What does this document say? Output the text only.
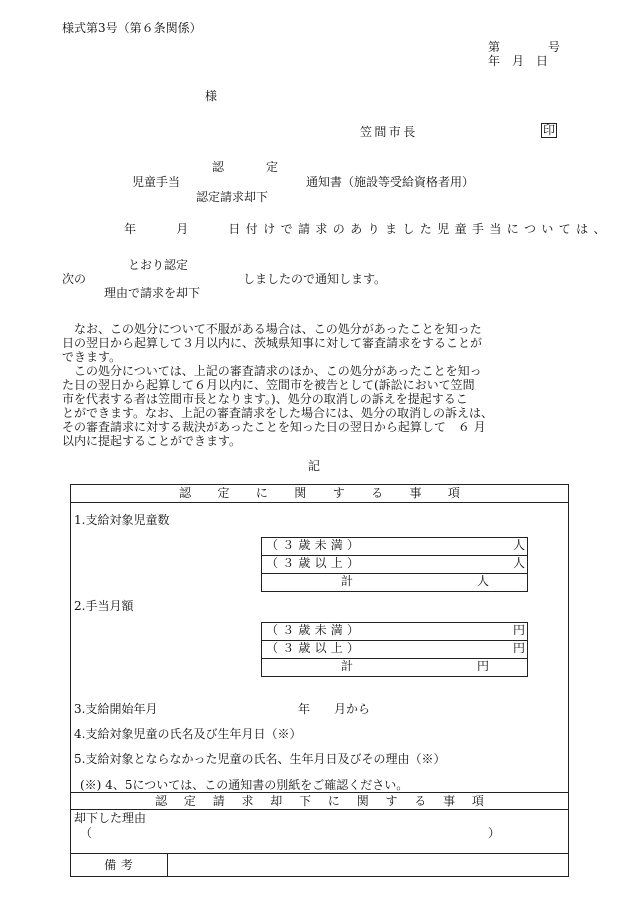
様式第3号（第６条関係）
第　　　　号
年　月　日
様
笠間市長	印
認　　定
児童手当	通知書（施設等受給資格者用）
認定請求却下
年　　月　　日付けで請求のありました児童手当については、
とおり認定
次の	しましたので通知します。
理由で請求を却下
　なお、この処分について不服がある場合は、この処分があったことを知った
日の翌日から起算して３月以内に、茨城県知事に対して審査請求をすることが
できます。
　この処分については、上記の審査請求のほか、この処分があったことを知っ
た日の翌日から起算して６月以内に、笠間市を被告として(訴訟において笠間
市を代表する者は笠間市長となります。)、処分の取消しの訴えを提起するこ
とができます。なお、上記の審査請求をした場合には、処分の取消しの訴えは、
その審査請求に対する裁決があったことを知った日の翌日から起算して　６ 月
以内に提起することができます。
記
認定に関する事項
1.支給対象児童数
（３歳未満）	人
（３歳以上）	人
計	人
2.手当月額
（３歳未満）	円
（３歳以上）	円
計	円
3.支給開始年月	年　　月から
4.支給対象児童の氏名及び生年月日（※）
5.支給対象とならなかった児童の氏名、生年月日及びその理由（※）
(※) 4、5については、この通知書の別紙をご確認ください。
認定請求却下に関する事項
却下した理由
（	）
備考
